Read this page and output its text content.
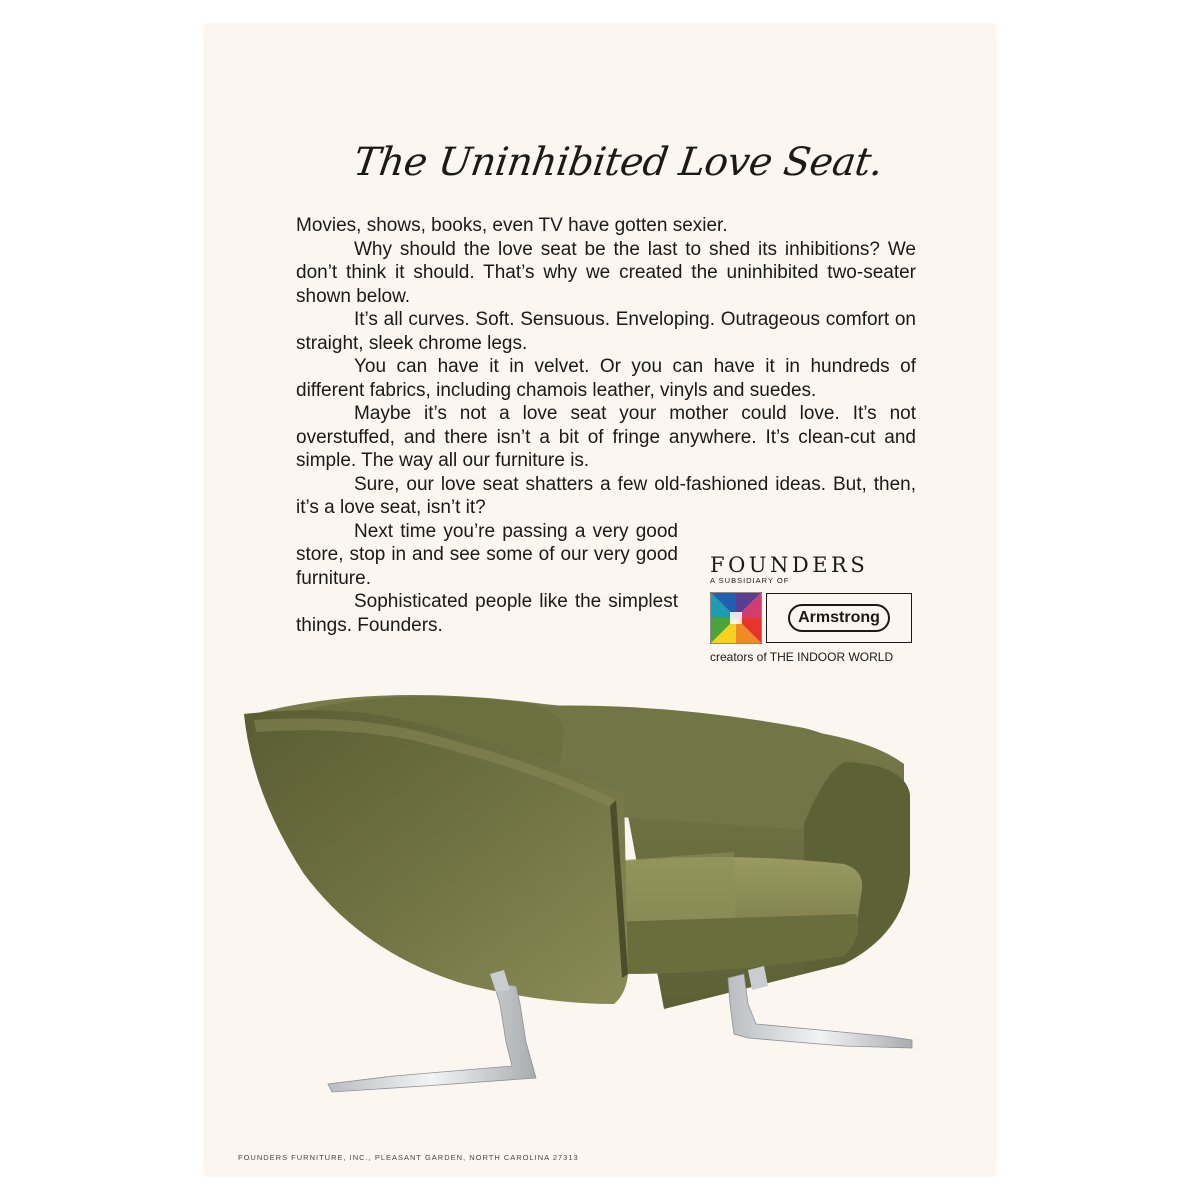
The Uninhibited Love Seat.

Movies, shows, books, even TV have gotten sexier.

Why should the love seat be the last to shed its inhibitions? We don’t think it should. That’s why we created the uninhibited two-seater shown below.

It’s all curves. Soft. Sensuous. Enveloping. Outrageous comfort on straight, sleek chrome legs.

You can have it in velvet. Or you can have it in hundreds of different fabrics, including chamois leather, vinyls and suedes.

Maybe it’s not a love seat your mother could love. It’s not overstuffed, and there isn’t a bit of fringe anywhere. It’s clean-cut and simple. The way all our furniture is.

Sure, our love seat shatters a few old-fashioned ideas. But, then, it’s a love seat, isn’t it?

Next time you’re passing a very good store, stop in and see some of our very good furniture.

Sophisticated people like the simplest things. Founders.

FOUNDERS
A SUBSIDIARY OF
Armstrong
creators of THE INDOOR WORLD
FOUNDERS FURNITURE, INC., PLEASANT GARDEN, NORTH CAROLINA 27313
